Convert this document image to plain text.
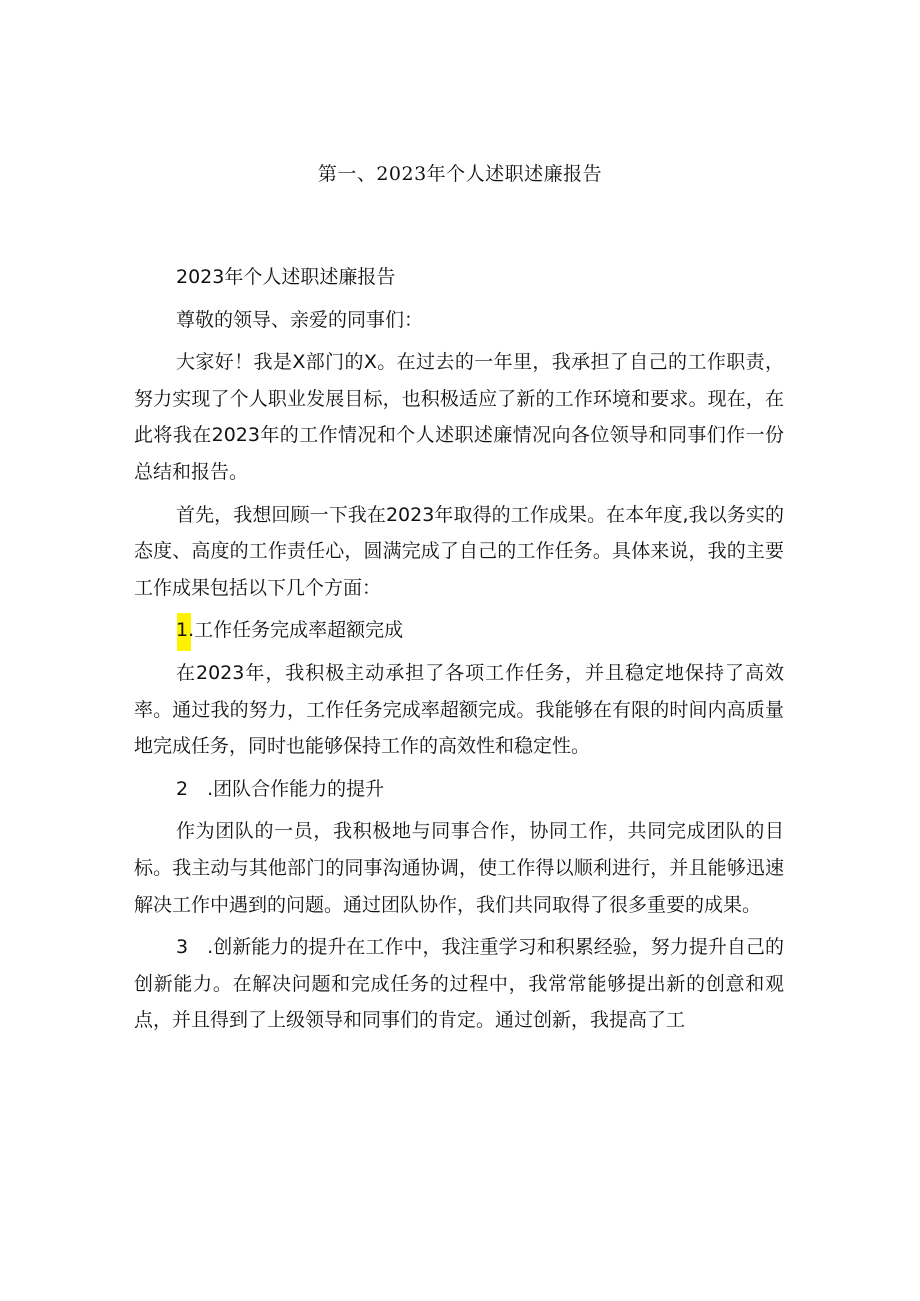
第一、2023年个人述职述廉报告

2023年个人述职述廉报告

尊敬的领导、亲爱的同事们：

大家好！我是X部门的X。在过去的一年里，我承担了自己的工作职责，努力实现了个人职业发展目标，也积极适应了新的工作环境和要求。现在，在此将我在2023年的工作情况和个人述职述廉情况向各位领导和同事们作一份总结和报告。

首先，我想回顾一下我在2023年取得的工作成果。在本年度,我以务实的态度、高度的工作责任心，圆满完成了自己的工作任务。具体来说，我的主要工作成果包括以下几个方面：

1.工作任务完成率超额完成

在2023年，我积极主动承担了各项工作任务，并且稳定地保持了高效率。通过我的努力，工作任务完成率超额完成。我能够在有限的时间内高质量地完成任务，同时也能够保持工作的高效性和稳定性。

2　.团队合作能力的提升

作为团队的一员，我积极地与同事合作，协同工作，共同完成团队的目标。我主动与其他部门的同事沟通协调，使工作得以顺利进行，并且能够迅速解决工作中遇到的问题。通过团队协作，我们共同取得了很多重要的成果。

3　.创新能力的提升在工作中，我注重学习和积累经验，努力提升自己的创新能力。在解决问题和完成任务的过程中，我常常能够提出新的创意和观点，并且得到了上级领导和同事们的肯定。通过创新，我提高了工
